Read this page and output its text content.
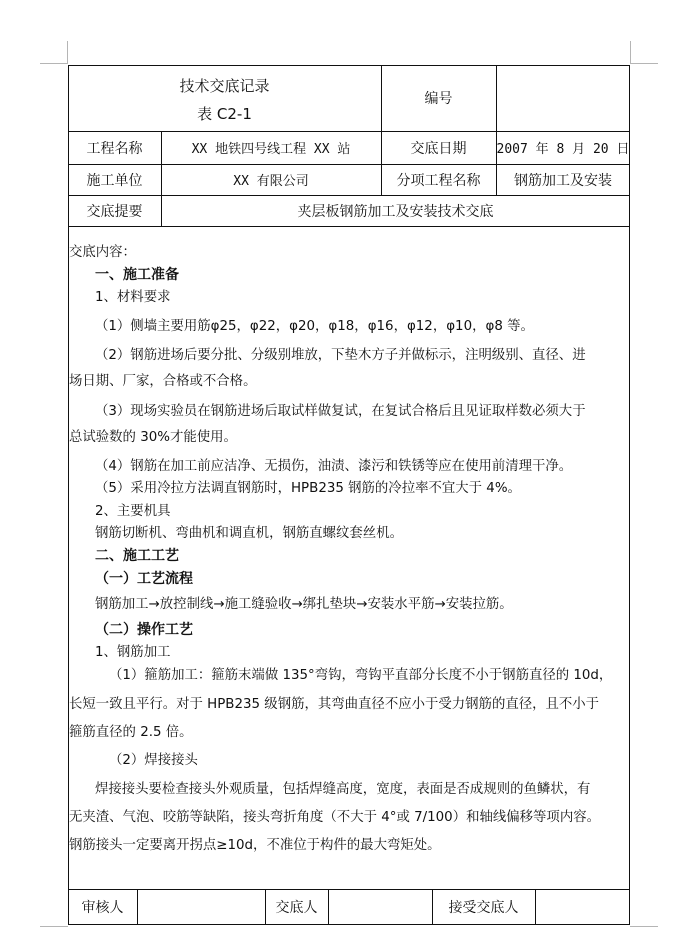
技术交底记录
表 C2-1
编号
工程名称	XX 地铁四号线工程 XX 站	交底日期	2007 年 8 月 20 日
施工单位	XX 有限公司	分项工程名称	钢筋加工及安装
交底提要	夹层板钢筋加工及安装技术交底

交底内容：

一、施工准备

1、材料要求

（1）侧墙主要用筋φ25，φ22，φ20，φ18，φ16，φ12，φ10，φ8 等。

（2）钢筋进场后要分批、分级别堆放，下垫木方子并做标示，注明级别、直径、进

场日期、厂家，合格或不合格。

（3）现场实验员在钢筋进场后取试样做复试，在复试合格后且见证取样数必须大于

总试验数的 30%才能使用。

（4）钢筋在加工前应洁净、无损伤，油渍、漆污和铁锈等应在使用前清理干净。

（5）采用冷拉方法调直钢筋时，HPB235 钢筋的冷拉率不宜大于 4%。

2、主要机具

钢筋切断机、弯曲机和调直机，钢筋直螺纹套丝机。

二、施工工艺

（一）工艺流程

钢筋加工→放控制线→施工缝验收→绑扎垫块→安装水平筋→安装拉筋。

（二）操作工艺

1、钢筋加工

（1）箍筋加工：箍筋末端做 135°弯钩，弯钩平直部分长度不小于钢筋直径的 10d，

长短一致且平行。对于 HPB235 级钢筋，其弯曲直径不应小于受力钢筋的直径，且不小于

箍筋直径的 2.5 倍。

（2）焊接接头

焊接接头要检查接头外观质量，包括焊缝高度，宽度，表面是否成规则的鱼鳞状，有

无夹渣、气泡、咬筋等缺陷，接头弯折角度（不大于 4°或 7/100）和轴线偏移等项内容。

钢筋接头一定要离开拐点≥10d，不准位于构件的最大弯矩处。

审核人	交底人	接受交底人
